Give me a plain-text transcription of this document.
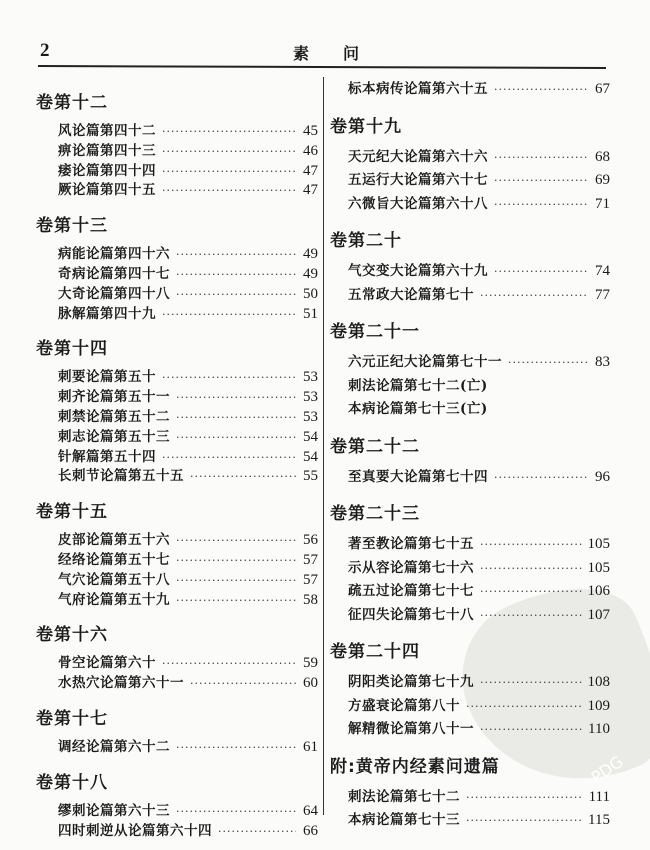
2	素问
PDG
卷第十二
风论篇第四十二 ·····	45
痹论篇第四十三 ·····	46
痿论篇第四十四 ·····	47
厥论篇第四十五 ·····	47
卷第十三
病能论篇第四十六 ·····	49
奇病论篇第四十七 ·····	49
大奇论篇第四十八 ·····	50
脉解篇第四十九 ·····	51
卷第十四
刺要论篇第五十 ·····	53
刺齐论篇第五十一 ·····	53
刺禁论篇第五十二 ·····	53
刺志论篇第五十三 ·····	54
针解篇第五十四 ·····	54
长刺节论篇第五十五 ·····	55
卷第十五
皮部论篇第五十六 ·····	56
经络论篇第五十七 ·····	57
气穴论篇第五十八 ·····	57
气府论篇第五十九 ·····	58
卷第十六
骨空论篇第六十 ·····	59
水热穴论篇第六十一 ·····	60
卷第十七
调经论篇第六十二 ·····	61
卷第十八
缪刺论篇第六十三 ·····	64
四时刺逆从论篇第六十四 ·····	66
标本病传论篇第六十五 ·····	67
卷第十九
天元纪大论篇第六十六 ·····	68
五运行大论篇第六十七 ·····	69
六微旨大论篇第六十八 ·····	71
卷第二十
气交变大论篇第六十九 ·····	74
五常政大论篇第七十 ·····	77
卷第二十一
六元正纪大论篇第七十一 ·····	83
刺法论篇第七十二(亡)
本病论篇第七十三(亡)
卷第二十二
至真要大论篇第七十四 ·····	96
卷第二十三
著至教论篇第七十五 ·····	105
示从容论篇第七十六 ·····	105
疏五过论篇第七十七 ·····	106
征四失论篇第七十八 ·····	107
卷第二十四
阴阳类论篇第七十九 ·····	108
方盛衰论篇第八十 ·····	109
解精微论篇第八十一 ·····	110
附:黄帝内经素问遗篇
刺法论篇第七十二 ·····	111
本病论篇第七十三 ·····	115
